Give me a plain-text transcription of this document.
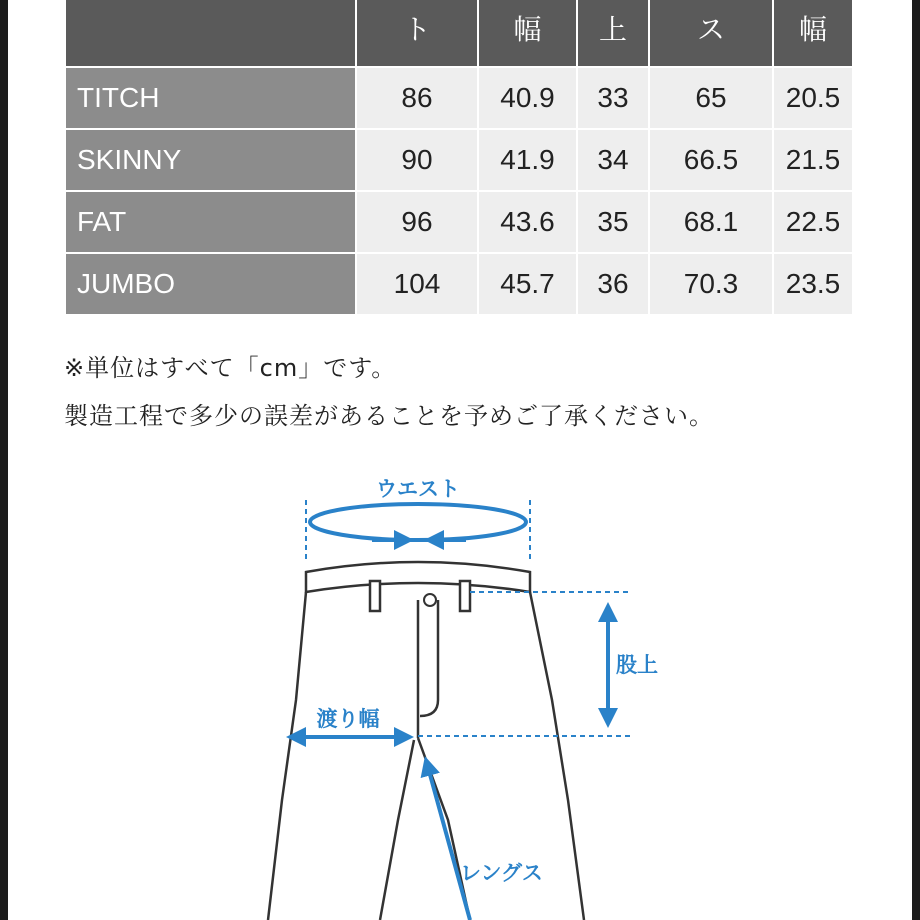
	ト	幅	上	ス	幅
TITCH	86	40.9	33	65	20.5
SKINNY	90	41.9	34	66.5	21.5
FAT	96	43.6	35	68.1	22.5
JUMBO	104	45.7	36	70.3	23.5
※単位はすべて「cm」です。
製造工程で多少の誤差があることを予めご了承ください。
ウエスト
股上
渡り幅
レングス
